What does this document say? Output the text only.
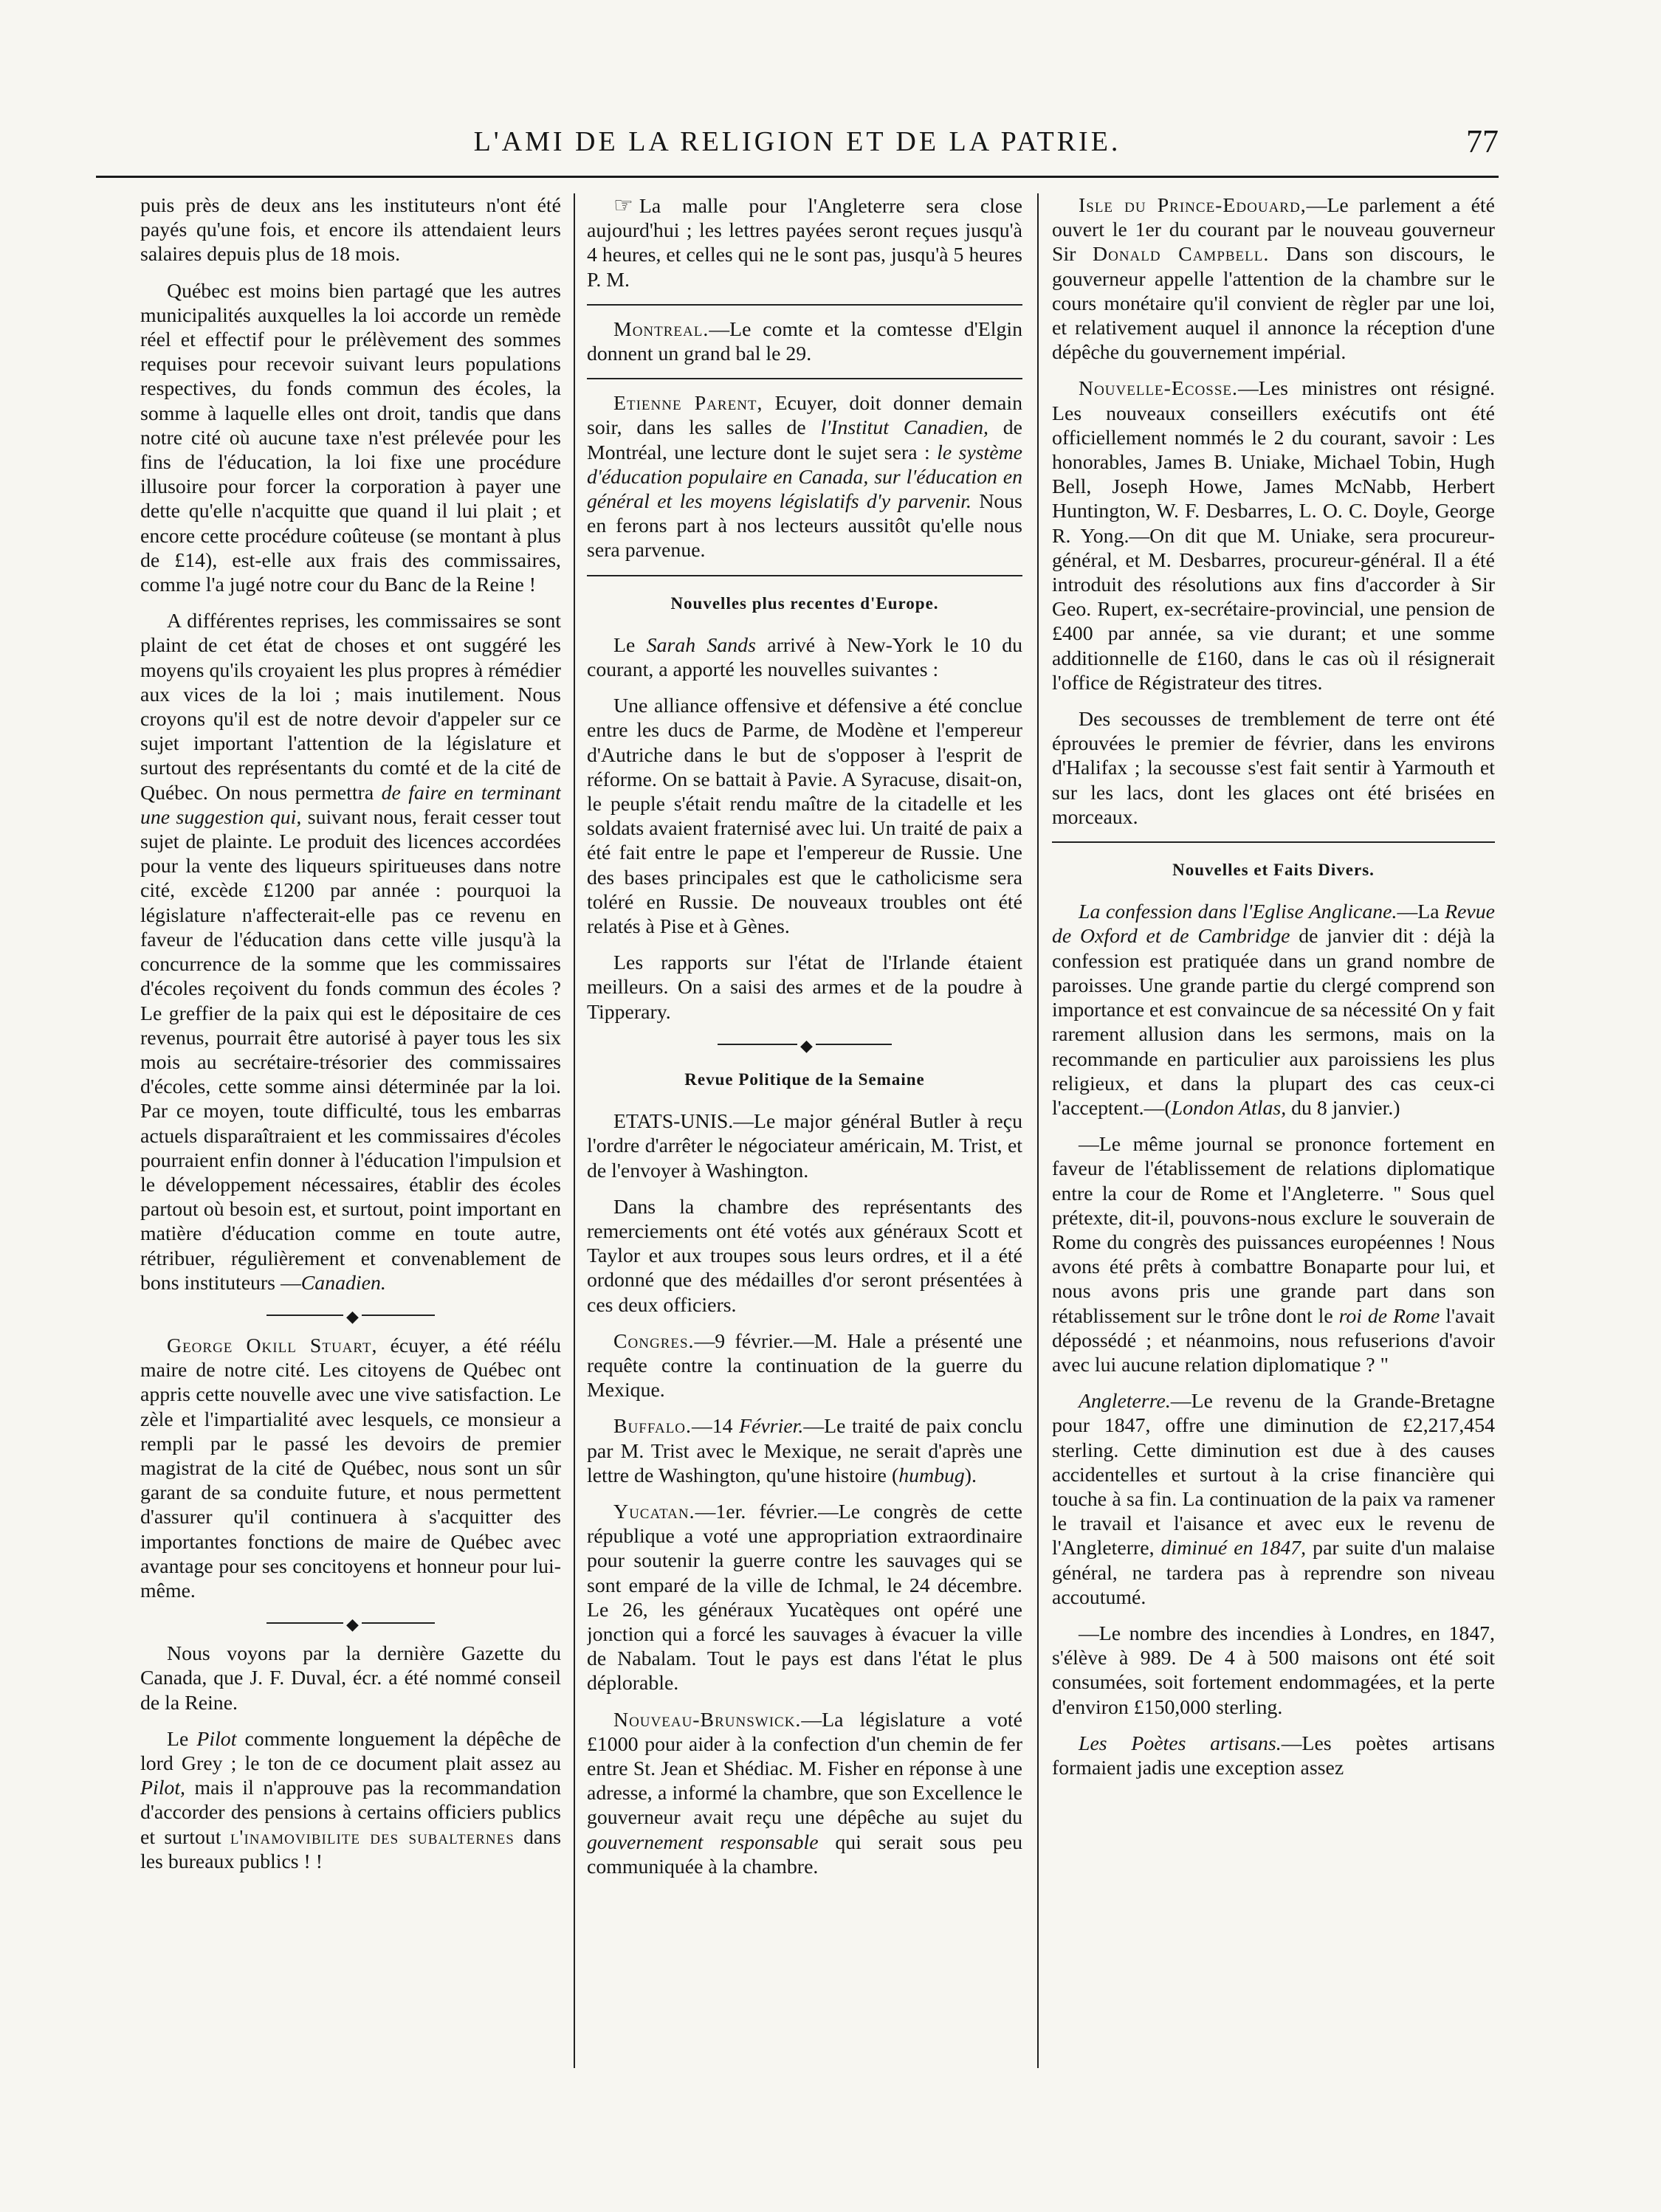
L'AMI DE LA RELIGION ET DE LA PATRIE.	77

puis près de deux ans les instituteurs n'ont été payés qu'une fois, et encore ils attendaient leurs salaires depuis plus de 18 mois.

Québec est moins bien partagé que les autres municipalités auxquelles la loi accorde un remède réel et effectif pour le prélèvement des sommes requises pour recevoir suivant leurs populations respectives, du fonds commun des écoles, la somme à laquelle elles ont droit, tandis que dans notre cité où aucune taxe n'est prélevée pour les fins de l'éducation, la loi fixe une procédure illusoire pour forcer la corporation à payer une dette qu'elle n'acquitte que quand il lui plait ; et encore cette procédure coûteuse (se montant à plus de £14), est-elle aux frais des commissaires, comme l'a jugé notre cour du Banc de la Reine !

A différentes reprises, les commissaires se sont plaint de cet état de choses et ont suggéré les moyens qu'ils croyaient les plus propres à rémédier aux vices de la loi ; mais inutilement. Nous croyons qu'il est de notre devoir d'appeler sur ce sujet important l'attention de la législature et surtout des représentants du comté et de la cité de Québec. On nous permettra de faire en terminant une suggestion qui, suivant nous, ferait cesser tout sujet de plainte. Le produit des licences accordées pour la vente des liqueurs spiritueuses dans notre cité, excède £1200 par année : pourquoi la législature n'affecterait-elle pas ce revenu en faveur de l'éducation dans cette ville jusqu'à la concurrence de la somme que les commissaires d'écoles reçoivent du fonds commun des écoles ? Le greffier de la paix qui est le dépositaire de ces revenus, pourrait être autorisé à payer tous les six mois au secrétaire-trésorier des commissaires d'écoles, cette somme ainsi déterminée par la loi. Par ce moyen, toute difficulté, tous les embarras actuels disparaîtraient et les commissaires d'écoles pourraient enfin donner à l'éducation l'impulsion et le développement nécessaires, établir des écoles partout où besoin est, et surtout, point important en matière d'éducation comme en toute autre, rétribuer, régulièrement et convenablement de bons instituteurs —Canadien.

◆

George Okill Stuart, écuyer, a été réélu maire de notre cité. Les citoyens de Québec ont appris cette nouvelle avec une vive satisfaction. Le zèle et l'impartialité avec lesquels, ce monsieur a rempli par le passé les devoirs de premier magistrat de la cité de Québec, nous sont un sûr garant de sa conduite future, et nous permettent d'assurer qu'il continuera à s'acquitter des importantes fonctions de maire de Québec avec avantage pour ses concitoyens et honneur pour lui-même.

◆

Nous voyons par la dernière Gazette du Canada, que J. F. Duval, écr. a été nommé conseil de la Reine.

Le Pilot commente longuement la dépêche de lord Grey ; le ton de ce document plait assez au Pilot, mais il n'approuve pas la recommandation d'accorder des pensions à certains officiers publics et surtout l'inamovibilite des subalternes dans les bureaux publics ! !

☞ La malle pour l'Angleterre sera close aujourd'hui ; les lettres payées seront reçues jusqu'à 4 heures, et celles qui ne le sont pas, jusqu'à 5 heures P. M.

Montreal.—Le comte et la comtesse d'Elgin donnent un grand bal le 29.

Etienne Parent, Ecuyer, doit donner demain soir, dans les salles de l'Institut Canadien, de Montréal, une lecture dont le sujet sera : le système d'éducation populaire en Canada, sur l'éducation en général et les moyens législatifs d'y parvenir. Nous en ferons part à nos lecteurs aussitôt qu'elle nous sera parvenue.

Nouvelles plus recentes d'Europe.

Le Sarah Sands arrivé à New-York le 10 du courant, a apporté les nouvelles suivantes :

Une alliance offensive et défensive a été conclue entre les ducs de Parme, de Modène et l'empereur d'Autriche dans le but de s'opposer à l'esprit de réforme. On se battait à Pavie. A Syracuse, disait-on, le peuple s'était rendu maître de la citadelle et les soldats avaient fraternisé avec lui. Un traité de paix a été fait entre le pape et l'empereur de Russie. Une des bases principales est que le catholicisme sera toléré en Russie. De nouveaux troubles ont été relatés à Pise et à Gènes.

Les rapports sur l'état de l'Irlande étaient meilleurs. On a saisi des armes et de la poudre à Tipperary.

◆
Revue Politique de la Semaine

ETATS-UNIS.—Le major général Butler à reçu l'ordre d'arrêter le négociateur américain, M. Trist, et de l'envoyer à Washington.

Dans la chambre des représentants des remerciements ont été votés aux généraux Scott et Taylor et aux troupes sous leurs ordres, et il a été ordonné que des médailles d'or seront présentées à ces deux officiers.

Congres.—9 février.—M. Hale a présenté une requête contre la continuation de la guerre du Mexique.

Buffalo.—14 Février.—Le traité de paix conclu par M. Trist avec le Mexique, ne serait d'après une lettre de Washington, qu'une histoire (humbug).

Yucatan.—1er. février.—Le congrès de cette république a voté une appropriation extraordinaire pour soutenir la guerre contre les sauvages qui se sont emparé de la ville de Ichmal, le 24 décembre. Le 26, les généraux Yucatèques ont opéré une jonction qui a forcé les sauvages à évacuer la ville de Nabalam. Tout le pays est dans l'état le plus déplorable.

Nouveau-Brunswick.—La législature a voté £1000 pour aider à la confection d'un chemin de fer entre St. Jean et Shédiac. M. Fisher en réponse à une adresse, a informé la chambre, que son Excellence le gouverneur avait reçu une dépêche au sujet du gouvernement responsable qui serait sous peu communiquée à la chambre.

Isle du Prince-Edouard,—Le parlement a été ouvert le 1er du courant par le nouveau gouverneur Sir Donald Campbell. Dans son discours, le gouverneur appelle l'attention de la chambre sur le cours monétaire qu'il convient de règler par une loi, et relativement auquel il annonce la réception d'une dépêche du gouvernement impérial.

Nouvelle-Ecosse.—Les ministres ont résigné. Les nouveaux conseillers exécutifs ont été officiellement nommés le 2 du courant, savoir : Les honorables, James B. Uniake, Michael Tobin, Hugh Bell, Joseph Howe, James McNabb, Herbert Huntington, W. F. Desbarres, L. O. C. Doyle, George R. Yong.—On dit que M. Uniake, sera procureur-général, et M. Desbarres, procureur-général. Il a été introduit des résolutions aux fins d'accorder à Sir Geo. Rupert, ex-secrétaire-provincial, une pension de £400 par année, sa vie durant; et une somme additionnelle de £160, dans le cas où il résignerait l'office de Régistrateur des titres.

Des secousses de tremblement de terre ont été éprouvées le premier de février, dans les environs d'Halifax ; la secousse s'est fait sentir à Yarmouth et sur les lacs, dont les glaces ont été brisées en morceaux.

Nouvelles et Faits Divers.

La confession dans l'Eglise Anglicane.—La Revue de Oxford et de Cambridge de janvier dit : déjà la confession est pratiquée dans un grand nombre de paroisses. Une grande partie du clergé comprend son importance et est convaincue de sa nécessité On y fait rarement allusion dans les sermons, mais on la recommande en particulier aux paroissiens les plus religieux, et dans la plupart des cas ceux-ci l'acceptent.—(London Atlas, du 8 janvier.)

—Le même journal se prononce fortement en faveur de l'établissement de relations diplomatique entre la cour de Rome et l'Angleterre. " Sous quel prétexte, dit-il, pouvons-nous exclure le souverain de Rome du congrès des puissances européennes ! Nous avons été prêts à combattre Bonaparte pour lui, et nous avons pris une grande part dans son rétablissement sur le trône dont le roi de Rome l'avait dépossédé ; et néanmoins, nous refuserions d'avoir avec lui aucune relation diplomatique ? "

Angleterre.—Le revenu de la Grande-Bretagne pour 1847, offre une diminution de £2,217,454 sterling. Cette diminution est due à des causes accidentelles et surtout à la crise financière qui touche à sa fin. La continuation de la paix va ramener le travail et l'aisance et avec eux le revenu de l'Angleterre, diminué en 1847, par suite d'un malaise général, ne tardera pas à reprendre son niveau accoutumé.

—Le nombre des incendies à Londres, en 1847, s'élève à 989. De 4 à 500 maisons ont été soit consumées, soit fortement endommagées, et la perte d'environ £150,000 sterling.

Les Poètes artisans.—Les poètes artisans formaient jadis une exception assez
